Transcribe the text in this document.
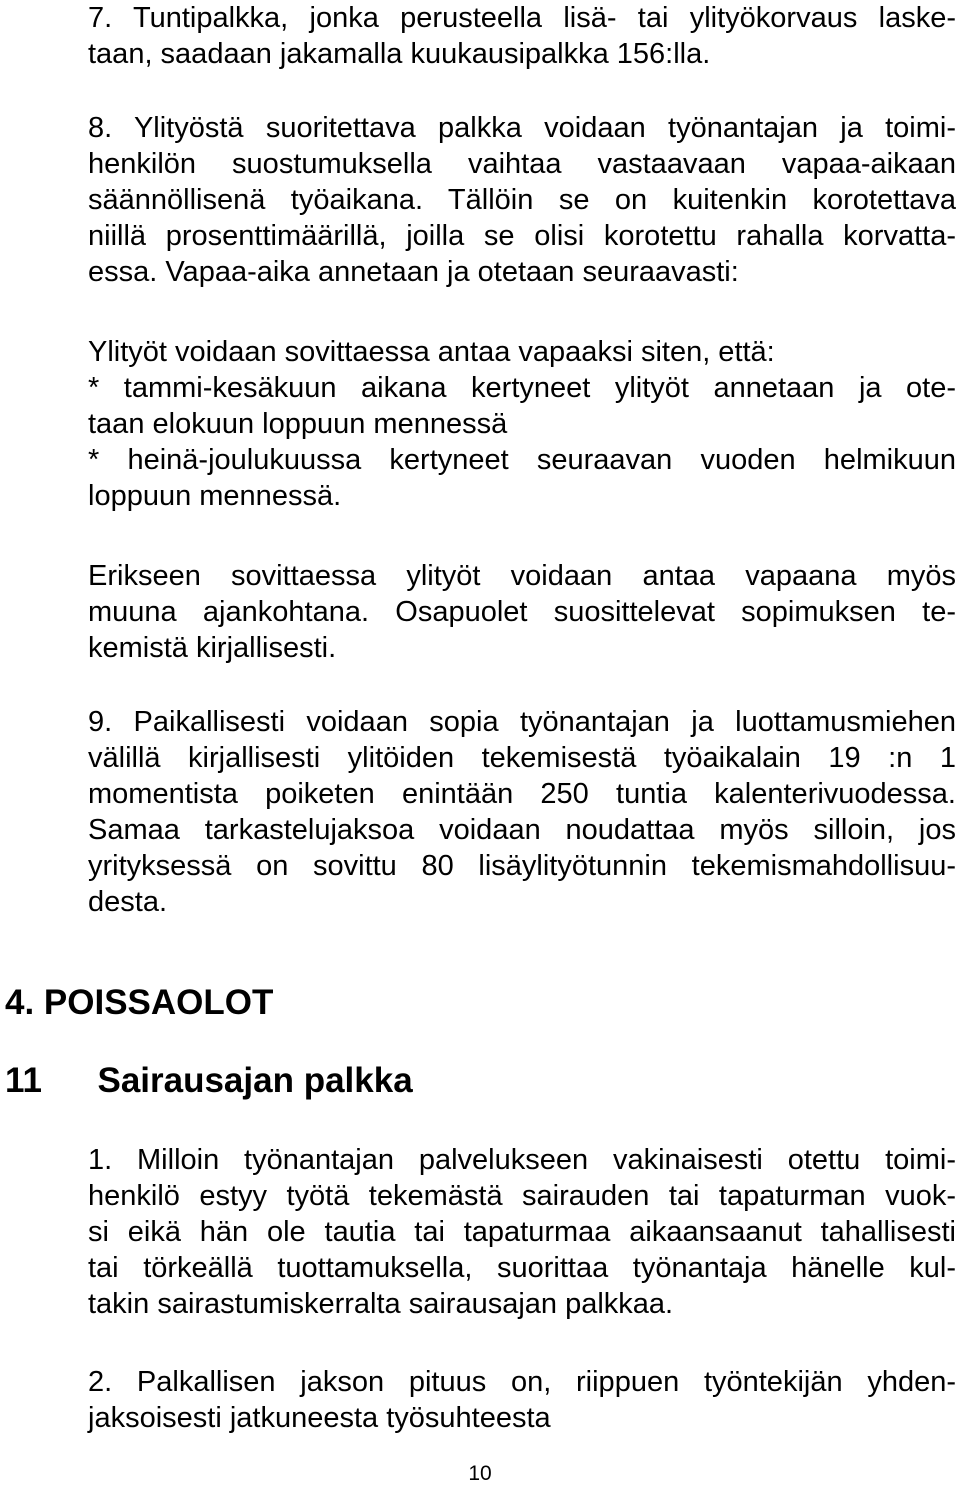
7. Tuntipalkka, jonka perusteella lisä- tai ylityökorvaus laske-

taan, saadaan jakamalla kuukausipalkka 156:lla.

8. Ylityöstä suoritettava palkka voidaan työnantajan ja toimi-

henkilön suostumuksella vaihtaa vastaavaan vapaa-aikaan

säännöllisenä työaikana. Tällöin se on kuitenkin korotettava

niillä prosenttimäärillä, joilla se olisi korotettu rahalla korvatta-

essa. Vapaa-aika annetaan ja otetaan seuraavasti:

Ylityöt voidaan sovittaessa antaa vapaaksi siten, että:

* tammi-kesäkuun aikana kertyneet ylityöt annetaan ja ote-

taan elokuun loppuun mennessä

* heinä-joulukuussa kertyneet seuraavan vuoden helmikuun

loppuun mennessä.

Erikseen sovittaessa ylityöt voidaan antaa vapaana myös

muuna ajankohtana. Osapuolet suosittelevat sopimuksen te-

kemistä kirjallisesti.

9. Paikallisesti voidaan sopia työnantajan ja luottamusmiehen

välillä kirjallisesti ylitöiden tekemisestä työaikalain 19 :n 1

momentista poiketen enintään 250 tuntia kalenterivuodessa.

Samaa tarkastelujaksoa voidaan noudattaa myös silloin, jos

yrityksessä on sovittu 80 lisäylityötunnin tekemismahdollisuu-

desta.

4. POISSAOLOT
11 Sairausajan palkka

1. Milloin työnantajan palvelukseen vakinaisesti otettu toimi-

henkilö estyy työtä tekemästä sairauden tai tapaturman vuok-

si eikä hän ole tautia tai tapaturmaa aikaansaanut tahallisesti

tai törkeällä tuottamuksella, suorittaa työnantaja hänelle kul-

takin sairastumiskerralta sairausajan palkkaa.

2. Palkallisen jakson pituus on, riippuen työntekijän yhden-

jaksoisesti jatkuneesta työsuhteesta

10
